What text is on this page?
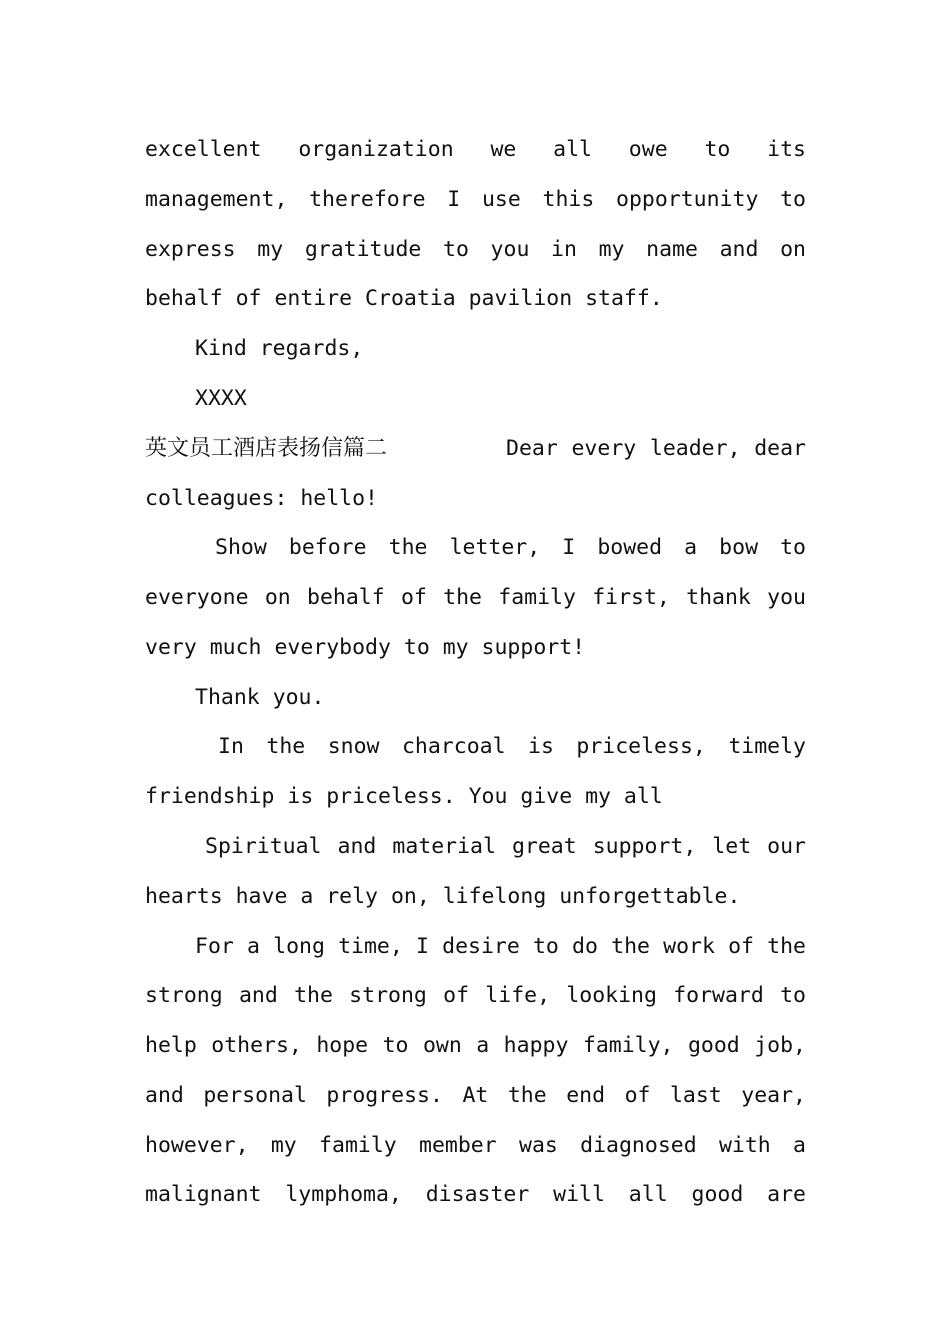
excellent organization we all owe to its
management, therefore I use this opportunity to
express my gratitude to you in my name and on
behalf of entire Croatia pavilion staff.
Kind regards,
XXXX
英文员工酒店表扬信篇二	Dear every leader, dear
colleagues: hello!
Show before the letter, I bowed a bow to
everyone on behalf of the family first, thank you
very much everybody to my support!
Thank you.
In the snow charcoal is priceless, timely
friendship is priceless. You give my all
Spiritual and material great support, let our
hearts have a rely on, lifelong unforgettable.
For a long time, I desire to do the work of the
strong and the strong of life, looking forward to
help others, hope to own a happy family, good job,
and personal progress. At the end of last year,
however, my family member was diagnosed with a
malignant lymphoma, disaster will all good are
